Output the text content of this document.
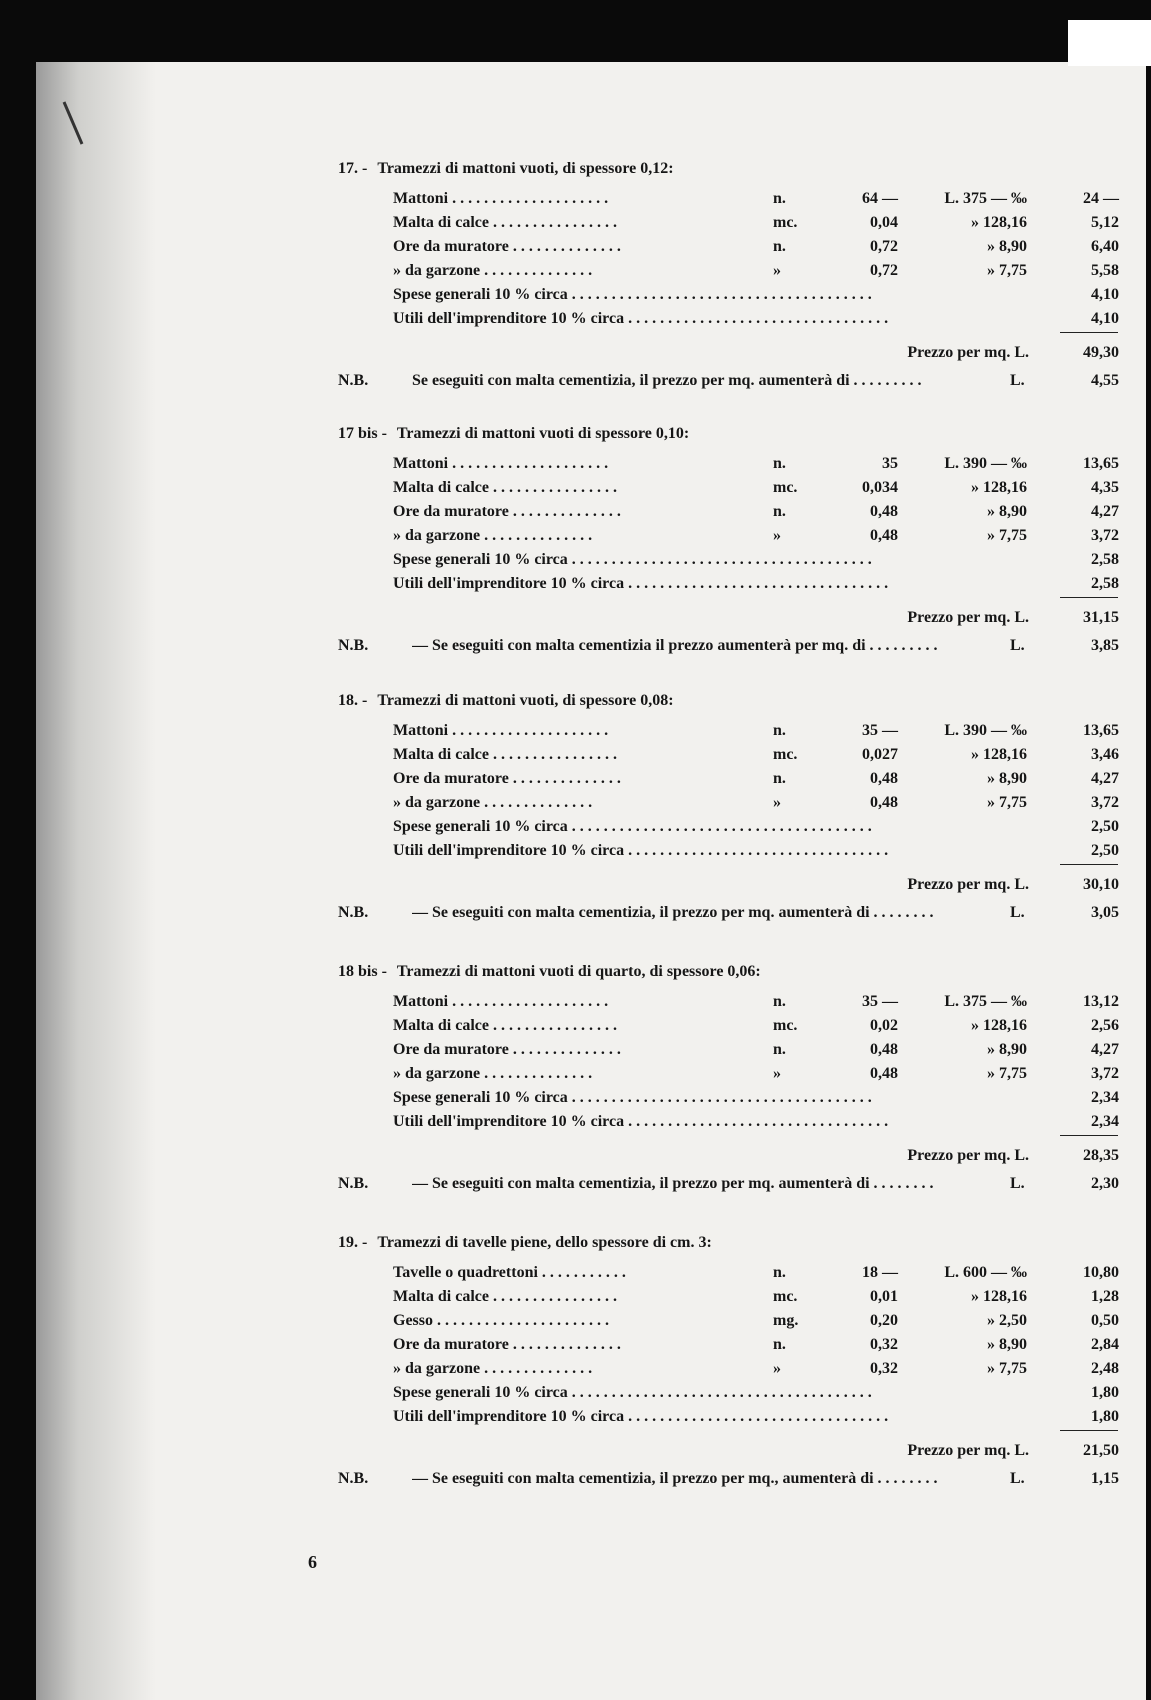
17. - Tramezzi di mattoni vuoti, di spessore 0,12:
Mattoni . . . . . . . . . . . . . . . . . . . .	n.	64 —	L. 375 — ‰	24 —
Malta di calce . . . . . . . . . . . . . . . .	mc.	0,04	» 128,16	5,12
Ore da muratore . . . . . . . . . . . . . .	n.	0,72	» 8,90	6,40
» da garzone . . . . . . . . . . . . . .	»	0,72	» 7,75	5,58
Spese generali 10 % circa . . . . . . . . . . . . . . . . . . . . . . . . . . . . . . . . . . . . . .	4,10
Utili dell'imprenditore 10 % circa . . . . . . . . . . . . . . . . . . . . . . . . . . . . . . . . .	4,10
Prezzo per mq. L.	49,30
N.B.	Se eseguiti con malta cementizia, il prezzo per mq. aumenterà di . . . . . . . . .	L.	4,55
17 bis - Tramezzi di mattoni vuoti di spessore 0,10:
Mattoni . . . . . . . . . . . . . . . . . . . .	n.	35	L. 390 — ‰	13,65
Malta di calce . . . . . . . . . . . . . . . .	mc.	0,034	» 128,16	4,35
Ore da muratore . . . . . . . . . . . . . .	n.	0,48	» 8,90	4,27
» da garzone . . . . . . . . . . . . . .	»	0,48	» 7,75	3,72
Spese generali 10 % circa . . . . . . . . . . . . . . . . . . . . . . . . . . . . . . . . . . . . . .	2,58
Utili dell'imprenditore 10 % circa . . . . . . . . . . . . . . . . . . . . . . . . . . . . . . . . .	2,58
Prezzo per mq. L.	31,15
N.B.	— Se eseguiti con malta cementizia il prezzo aumenterà per mq. di . . . . . . . . .	L.	3,85
18. - Tramezzi di mattoni vuoti, di spessore 0,08:
Mattoni . . . . . . . . . . . . . . . . . . . .	n.	35 —	L. 390 — ‰	13,65
Malta di calce . . . . . . . . . . . . . . . .	mc.	0,027	» 128,16	3,46
Ore da muratore . . . . . . . . . . . . . .	n.	0,48	» 8,90	4,27
» da garzone . . . . . . . . . . . . . .	»	0,48	» 7,75	3,72
Spese generali 10 % circa . . . . . . . . . . . . . . . . . . . . . . . . . . . . . . . . . . . . . .	2,50
Utili dell'imprenditore 10 % circa . . . . . . . . . . . . . . . . . . . . . . . . . . . . . . . . .	2,50
Prezzo per mq. L.	30,10
N.B.	— Se eseguiti con malta cementizia, il prezzo per mq. aumenterà di . . . . . . . .	L.	3,05
18 bis - Tramezzi di mattoni vuoti di quarto, di spessore 0,06:
Mattoni . . . . . . . . . . . . . . . . . . . .	n.	35 —	L. 375 — ‰	13,12
Malta di calce . . . . . . . . . . . . . . . .	mc.	0,02	» 128,16	2,56
Ore da muratore . . . . . . . . . . . . . .	n.	0,48	» 8,90	4,27
» da garzone . . . . . . . . . . . . . .	»	0,48	» 7,75	3,72
Spese generali 10 % circa . . . . . . . . . . . . . . . . . . . . . . . . . . . . . . . . . . . . . .	2,34
Utili dell'imprenditore 10 % circa . . . . . . . . . . . . . . . . . . . . . . . . . . . . . . . . .	2,34
Prezzo per mq. L.	28,35
N.B.	— Se eseguiti con malta cementizia, il prezzo per mq. aumenterà di . . . . . . . .	L.	2,30
19. - Tramezzi di tavelle piene, dello spessore di cm. 3:
Tavelle o quadrettoni . . . . . . . . . . .	n.	18 —	L. 600 — ‰	10,80
Malta di calce . . . . . . . . . . . . . . . .	mc.	0,01	» 128,16	1,28
Gesso . . . . . . . . . . . . . . . . . . . . . .	mg.	0,20	» 2,50	0,50
Ore da muratore . . . . . . . . . . . . . .	n.	0,32	» 8,90	2,84
» da garzone . . . . . . . . . . . . . .	»	0,32	» 7,75	2,48
Spese generali 10 % circa . . . . . . . . . . . . . . . . . . . . . . . . . . . . . . . . . . . . . .	1,80
Utili dell'imprenditore 10 % circa . . . . . . . . . . . . . . . . . . . . . . . . . . . . . . . . .	1,80
Prezzo per mq. L.	21,50
N.B.	— Se eseguiti con malta cementizia, il prezzo per mq., aumenterà di . . . . . . . .	L.	1,15
6
